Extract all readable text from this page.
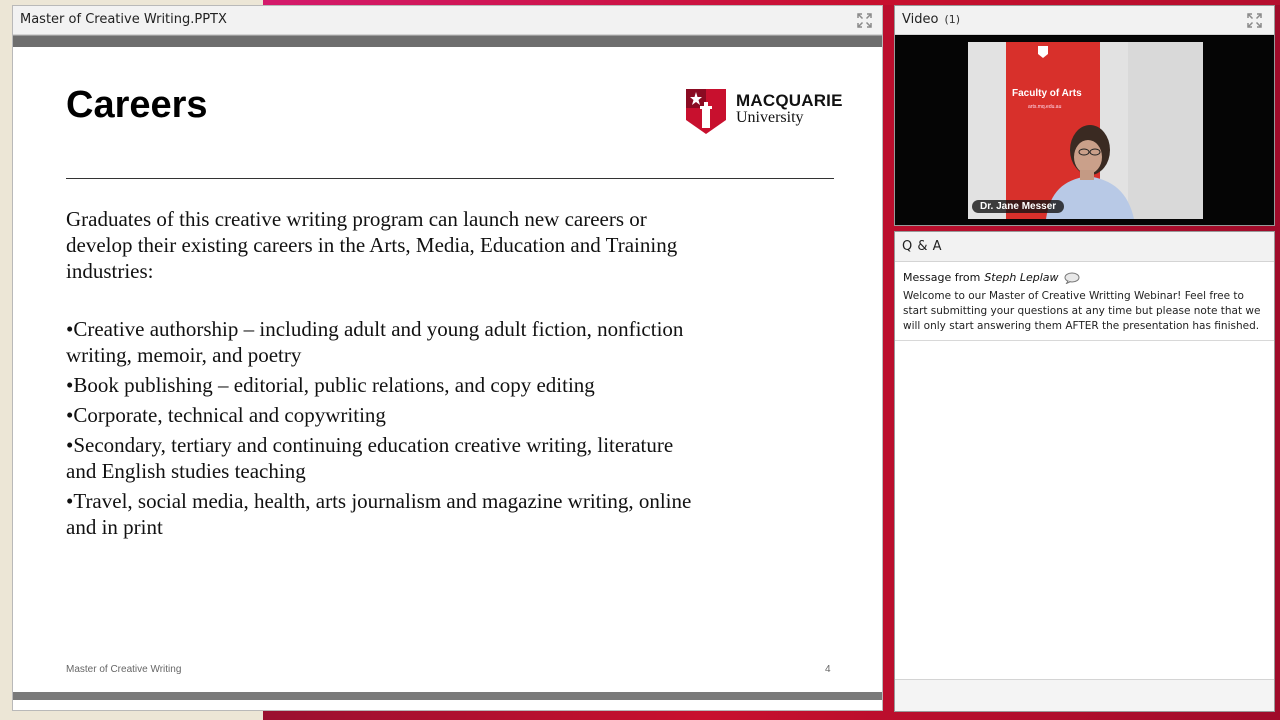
Master of Creative Writing.PPTX
Careers	MACQUARIE
University
Graduates of this creative writing program can launch new careers or develop their existing careers in the Arts, Media, Education and Training industries:
•Creative authorship – including adult and young adult fiction, nonfiction writing, memoir, and poetry
•Book publishing – editorial, public relations, and copy editing
•Corporate, technical and copywriting
•Secondary, tertiary and continuing education creative writing, literature and English studies teaching
•Travel, social media, health, arts journalism and magazine writing, online and in print
Master of Creative Writing	4
Video (1)
Faculty of Arts
arts.mq.edu.au
Dr. Jane Messer
Q & A
Message from Steph Leplaw
Welcome to our Master of Creative Writting Webinar! Feel free to start submitting your questions at any time but please note that we will only start answering them AFTER the presentation has finished.
